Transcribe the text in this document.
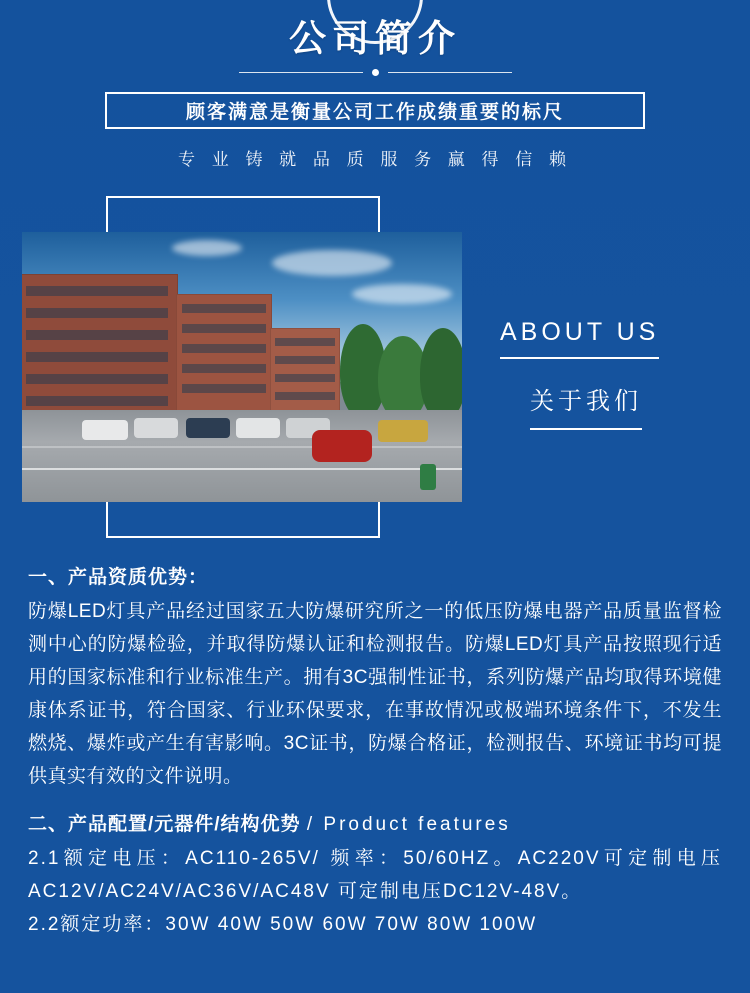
公司简介
顾客满意是衡量公司工作成绩重要的标尺
专 业 铸 就 品 质 服 务 赢 得 信 赖
ABOUT US 关于我们
一、产品资质优势：
防爆LED灯具产品经过国家五大防爆研究所之一的低压防爆电器产品质量监督检测中心的防爆检验，并取得防爆认证和检测报告。防爆LED灯具产品按照现行适用的国家标准和行业标准生产。拥有3C强制性证书，系列防爆产品均取得环境健康体系证书，符合国家、行业环保要求，在事故情况或极端环境条件下，不发生燃烧、爆炸或产生有害影响。3C证书，防爆合格证，检测报告、环境证书均可提供真实有效的文件说明。
二、产品配置/元器件/结构优势 / Product features
2.1额定电压：AC110-265V/ 频率：50/60HZ。AC220V可定制电压AC12V/AC24V/AC36V/AC48V 可定制电压DC12V-48V。
2.2额定功率：30W 40W 50W 60W 70W 80W 100W
